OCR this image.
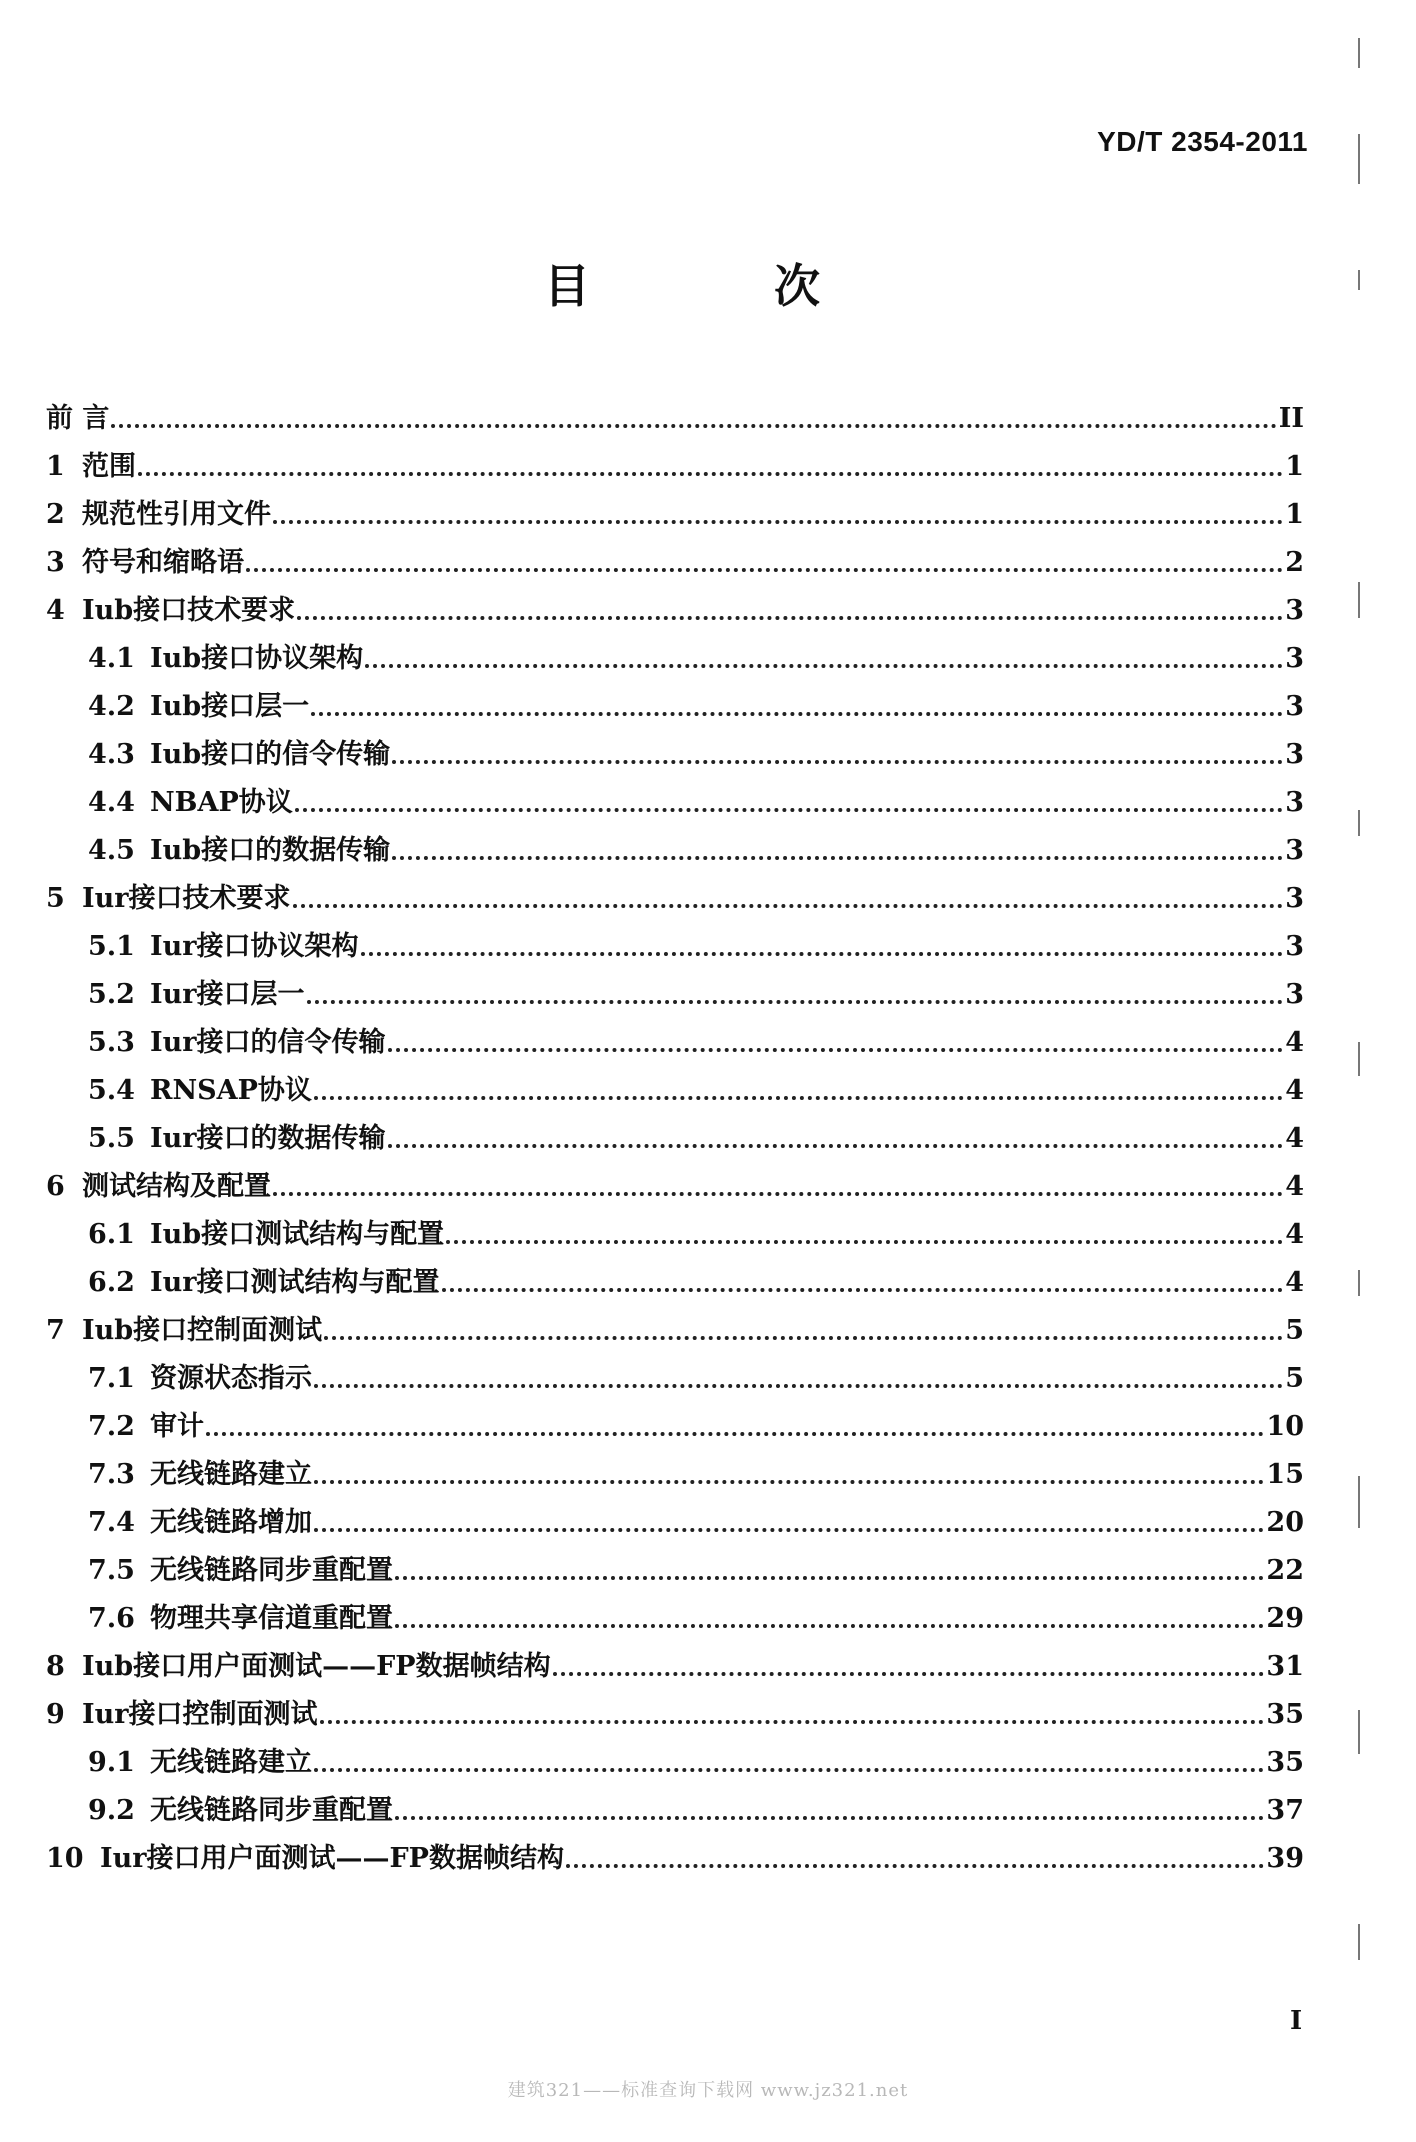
YD/T 2354-2011
目 次
前 言	II
1 范围	1
2 规范性引用文件	1
3 符号和缩略语	2
4 Iub接口技术要求	3
4.1 Iub接口协议架构	3
4.2 Iub接口层一	3
4.3 Iub接口的信令传输	3
4.4 NBAP协议	3
4.5 Iub接口的数据传输	3
5 Iur接口技术要求	3
5.1 Iur接口协议架构	3
5.2 Iur接口层一	3
5.3 Iur接口的信令传输	4
5.4 RNSAP协议	4
5.5 Iur接口的数据传输	4
6 测试结构及配置	4
6.1 Iub接口测试结构与配置	4
6.2 Iur接口测试结构与配置	4
7 Iub接口控制面测试	5
7.1 资源状态指示	5
7.2 审计	10
7.3 无线链路建立	15
7.4 无线链路增加	20
7.5 无线链路同步重配置	22
7.6 物理共享信道重配置	29
8 Iub接口用户面测试——FP数据帧结构	31
9 Iur接口控制面测试	35
9.1 无线链路建立	35
9.2 无线链路同步重配置	37
10 Iur接口用户面测试——FP数据帧结构	39
I
建筑321——标准查询下载网 www.jz321.net
